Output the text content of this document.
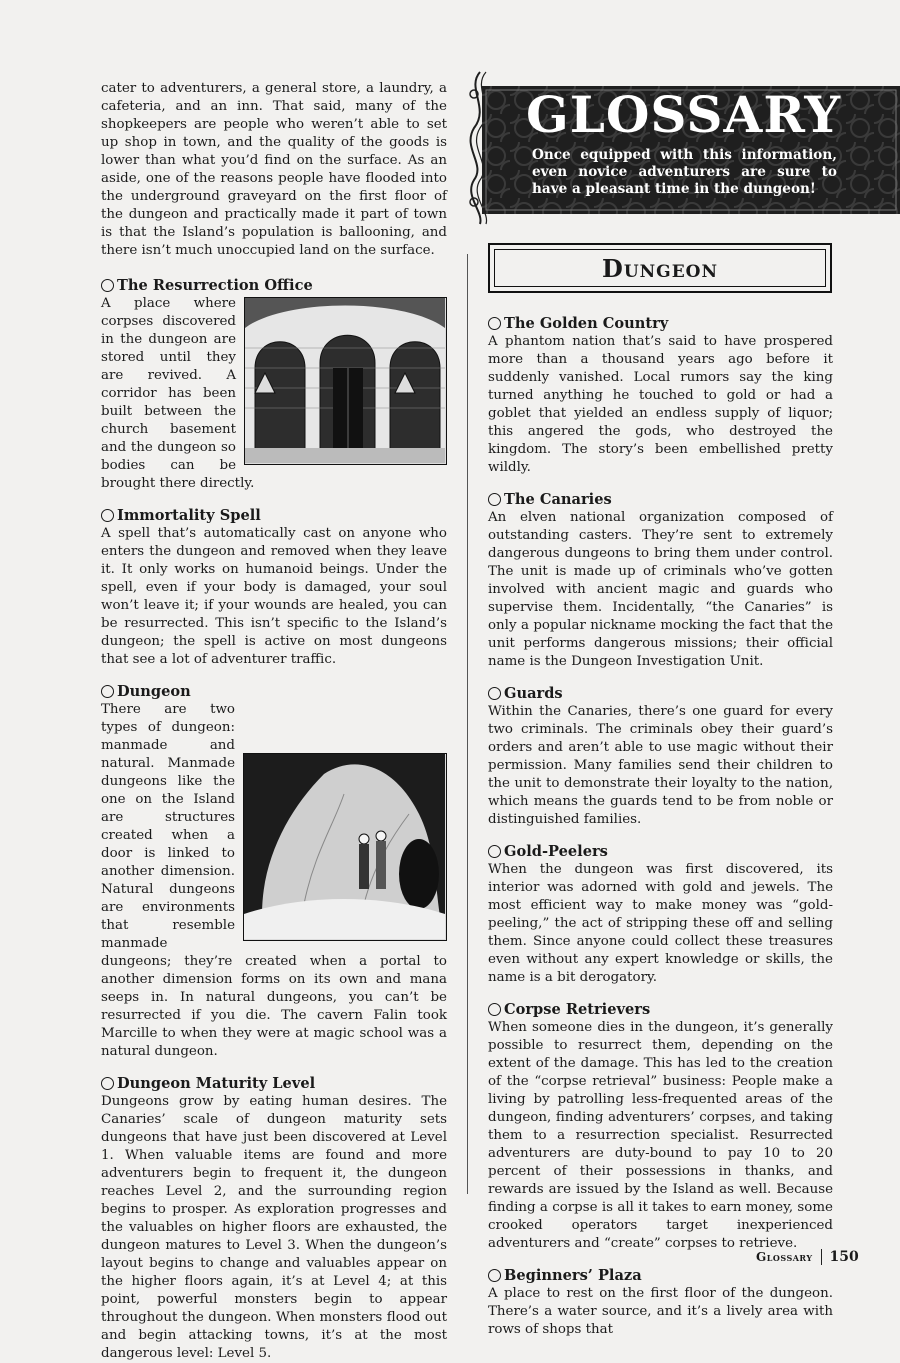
GLOSSARY
Once equipped with this information, even novice adventurers are sure to have a pleasant time in the dungeon!
Dungeon

cater to adventurers, a general store, a laundry, a cafeteria, and an inn. That said, many of the shopkeepers are people who weren’t able to set up shop in town, and the quality of the goods is lower than what you’d find on the surface. As an aside, one of the reasons people have flooded into the underground graveyard on the first floor of the dungeon and practically made it part of town is that the Island’s population is ballooning, and there isn’t much unoccupied land on the surface.

The Resurrection Office

A place where corpses discovered in the dungeon are stored until they are revived. A corridor has been built between the church basement and the dungeon so bodies can be brought there directly.

Immortality Spell

A spell that’s automatically cast on anyone who enters the dungeon and removed when they leave it. It only works on humanoid beings. Under the spell, even if your body is damaged, your soul won’t leave it; if your wounds are healed, you can be resurrected. This isn’t specific to the Island’s dungeon; the spell is active on most dungeons that see a lot of adventurer traffic.

Dungeon

There are two types of dungeon: manmade and natural. Manmade dungeons like the one on the Island are structures created when a door is linked to another dimension. Natural dungeons are environments that resemble manmade dungeons; they’re created when a portal to another dimension forms on its own and mana seeps in. In natural dungeons, you can’t be resurrected if you die. The cavern Falin took Marcille to when they were at magic school was a natural dungeon.

Dungeon Maturity Level

Dungeons grow by eating human desires. The Canaries’ scale of dungeon maturity sets dungeons that have just been discovered at Level 1. When valuable items are found and more adventurers begin to frequent it, the dungeon reaches Level 2, and the surrounding region begins to prosper. As exploration progresses and the valuables on higher floors are exhausted, the dungeon matures to Level 3. When the dungeon’s layout begins to change and valuables appear on the higher floors again, it’s at Level 4; at this point, powerful monsters begin to appear throughout the dungeon. When monsters flood out and begin attacking towns, it’s at the most dangerous level: Level 5.

The Golden Country

A phantom nation that’s said to have prospered more than a thousand years ago before it suddenly vanished. Local rumors say the king turned anything he touched to gold or had a goblet that yielded an endless supply of liquor; this angered the gods, who destroyed the kingdom. The story’s been embellished pretty wildly.

The Canaries

An elven national organization composed of outstanding casters. They’re sent to extremely dangerous dungeons to bring them under control. The unit is made up of criminals who’ve gotten involved with ancient magic and guards who supervise them. Incidentally, “the Canaries” is only a popular nickname mocking the fact that the unit performs dangerous missions; their official name is the Dungeon Investigation Unit.

Guards

Within the Canaries, there’s one guard for every two criminals. The criminals obey their guard’s orders and aren’t able to use magic without their permission. Many families send their children to the unit to demonstrate their loyalty to the nation, which means the guards tend to be from noble or distinguished families.

Gold-Peelers

When the dungeon was first discovered, its interior was adorned with gold and jewels. The most efficient way to make money was “gold-peeling,” the act of stripping these off and selling them. Since anyone could collect these treasures even without any expert knowledge or skills, the name is a bit derogatory.

Corpse Retrievers

When someone dies in the dungeon, it’s generally possible to resurrect them, depending on the extent of the damage. This has led to the creation of the “corpse retrieval” business: People make a living by patrolling less-frequented areas of the dungeon, finding adventurers’ corpses, and taking them to a resurrection specialist. Resurrected adventurers are duty-bound to pay 10 to 20 percent of their possessions in thanks, and rewards are issued by the Island as well. Because finding a corpse is all it takes to earn money, some crooked operators target inexperienced adventurers and “create” corpses to retrieve.

Beginners’ Plaza

A place to rest on the first floor of the dungeon. There’s a water source, and it’s a lively area with rows of shops that

Glossary 150
